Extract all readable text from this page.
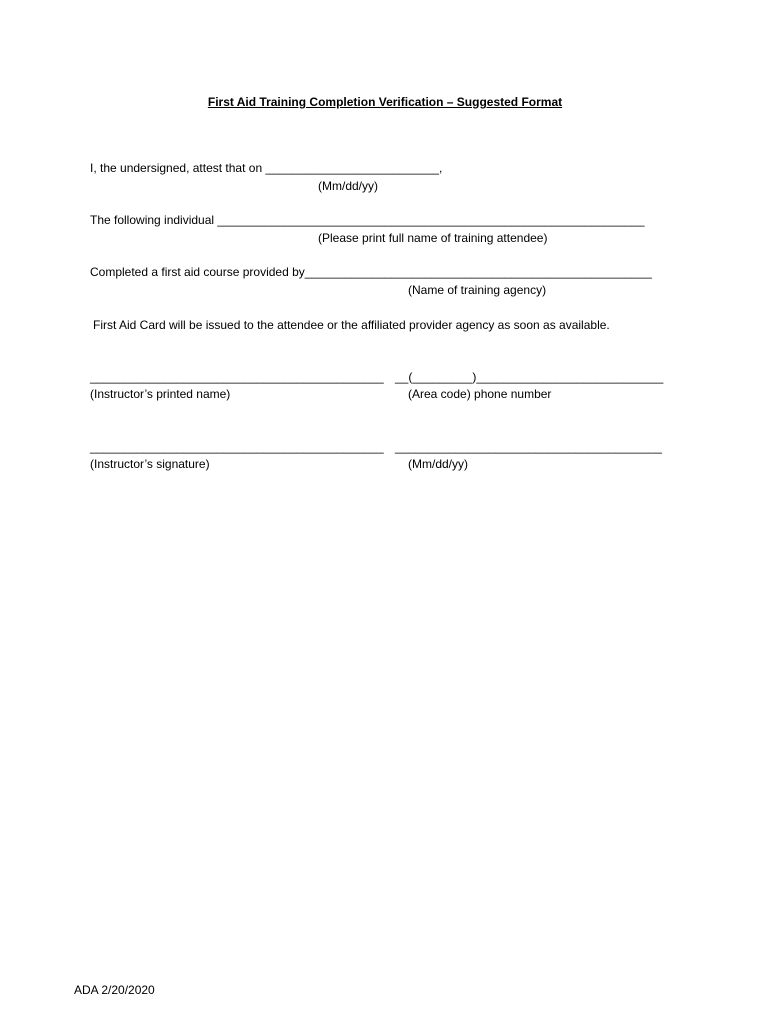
First Aid Training Completion Verification – Suggested Format
I, the undersigned, attest that on __________________________,
(Mm/dd/yy)
The following individual ________________________________________________________________
(Please print full name of training attendee)
Completed a first aid course provided by____________________________________________________
(Name of training agency)
First Aid Card will be issued to the attendee or the affiliated provider agency as soon as available.
____________________________________________ __(_________)____________________________
(Instructor’s printed name)	(Area code) phone number
____________________________________________ ________________________________________
(Instructor’s signature)	(Mm/dd/yy)
ADA 2/20/2020
